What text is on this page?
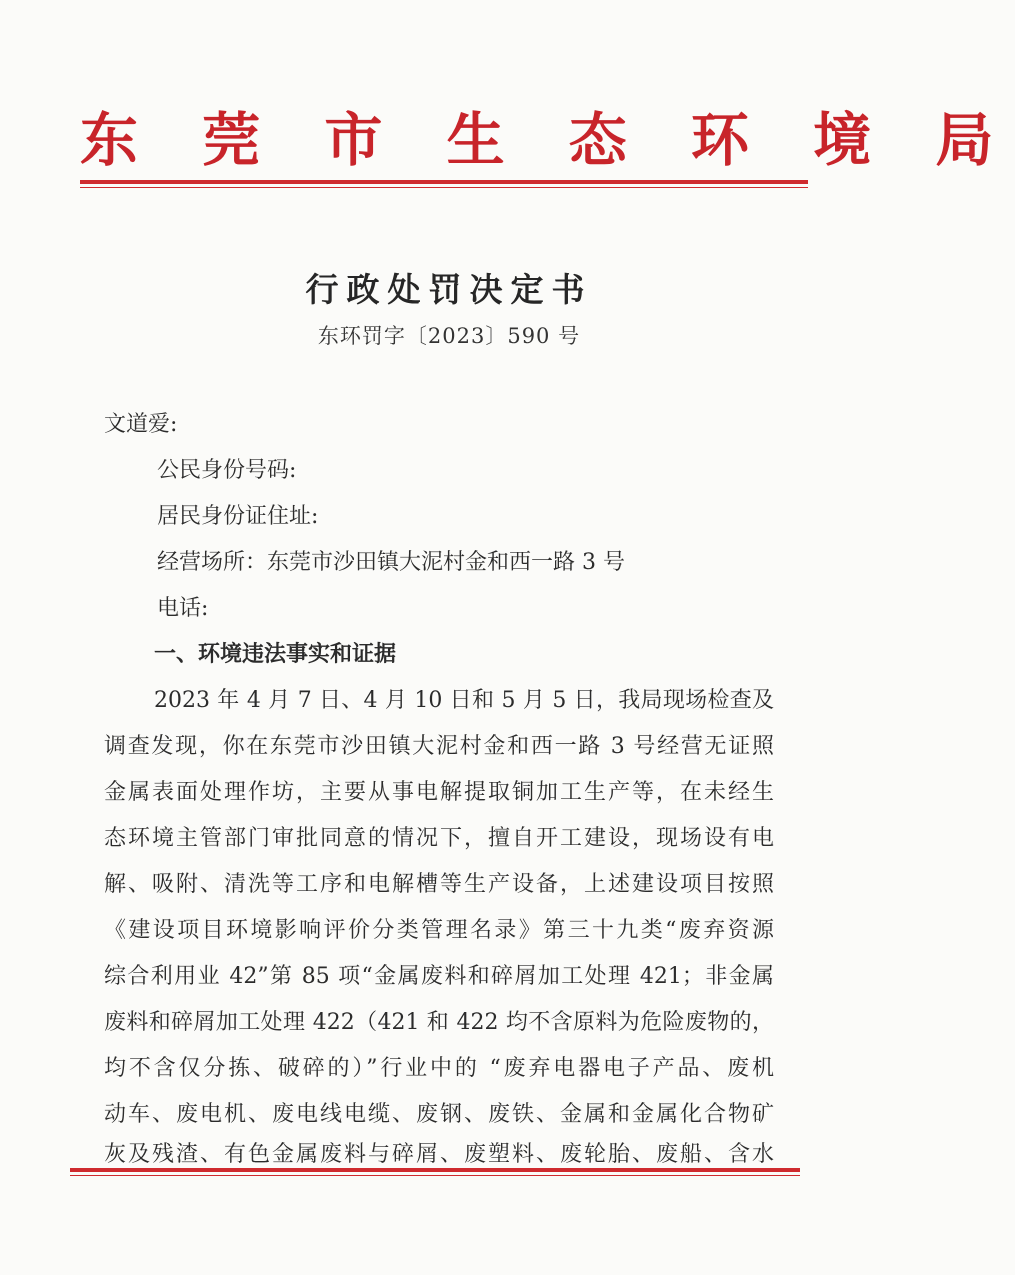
东 莞 市 生 态 环 境 局
行政处罚决定书
东环罚字〔2023〕590 号
文道爱:
公民身份号码:
居民身份证住址:
经营场所：东莞市沙田镇大泥村金和西一路 3 号
电话:
一、环境违法事实和证据
2023 年 4 月 7 日、4 月 10 日和 5 月 5 日，我局现场检查及
调查发现，你在东莞市沙田镇大泥村金和西一路 3 号经营无证照
金属表面处理作坊，主要从事电解提取铜加工生产等，在未经生
态环境主管部门审批同意的情况下，擅自开工建设，现场设有电
解、吸附、清洗等工序和电解槽等生产设备，上述建设项目按照
《建设项目环境影响评价分类管理名录》第三十九类“废弃资源
综合利用业 42”第 85 项“金属废料和碎屑加工处理 421；非金属
废料和碎屑加工处理 422（421 和 422 均不含原料为危险废物的，
均不含仅分拣、破碎的）”行业中的 “废弃电器电子产品、废机
动车、废电机、废电线电缆、废钢、废铁、金属和金属化合物矿
灰及残渣、有色金属废料与碎屑、废塑料、废轮胎、废船、含水
